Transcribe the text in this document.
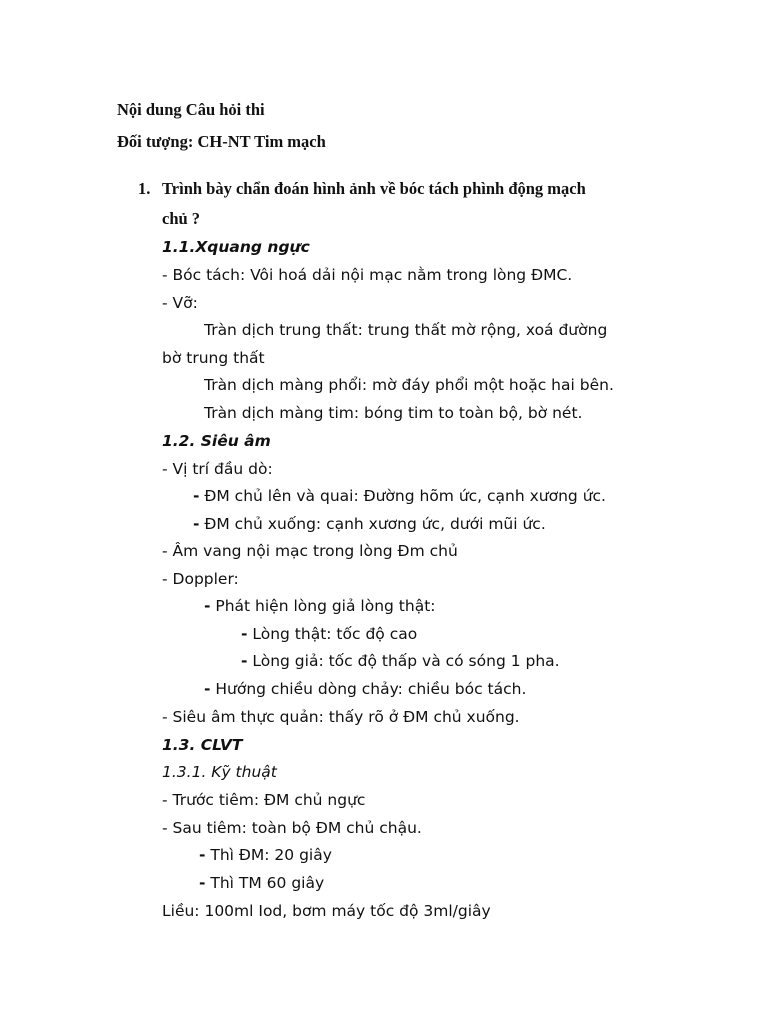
Nội dung Câu hỏi thi
Đối tượng: CH-NT Tim mạch
1. Trình bày chẩn đoán hình ảnh về bóc tách phình động mạch
chủ ?
1.1.Xquang ngực
- Bóc tách: Vôi hoá dải nội mạc nằm trong lòng ĐMC.
- Vỡ:
Tràn dịch trung thất: trung thất mờ rộng, xoá đường
bờ trung thất
Tràn dịch màng phổi: mờ đáy phổi một hoặc hai bên.
Tràn dịch màng tim: bóng tim to toàn bộ, bờ nét.
1.2. Siêu âm
- Vị trí đầu dò:
- ĐM chủ lên và quai: Đường hõm ức, cạnh xương ức.
- ĐM chủ xuống: cạnh xương ức, dưới mũi ức.
- Âm vang nội mạc trong lòng Đm chủ
- Doppler:
- Phát hiện lòng giả lòng thật:
- Lòng thật: tốc độ cao
- Lòng giả: tốc độ thấp và có sóng 1 pha.
- Hướng chiều dòng chảy: chiều bóc tách.
- Siêu âm thực quản: thấy rõ ở ĐM chủ xuống.
1.3. CLVT
1.3.1. Kỹ thuật
- Trước tiêm: ĐM chủ ngực
- Sau tiêm: toàn bộ ĐM chủ chậu.
- Thì ĐM: 20 giây
- Thì TM 60 giây
Liều: 100ml Iod, bơm máy tốc độ 3ml/giây
